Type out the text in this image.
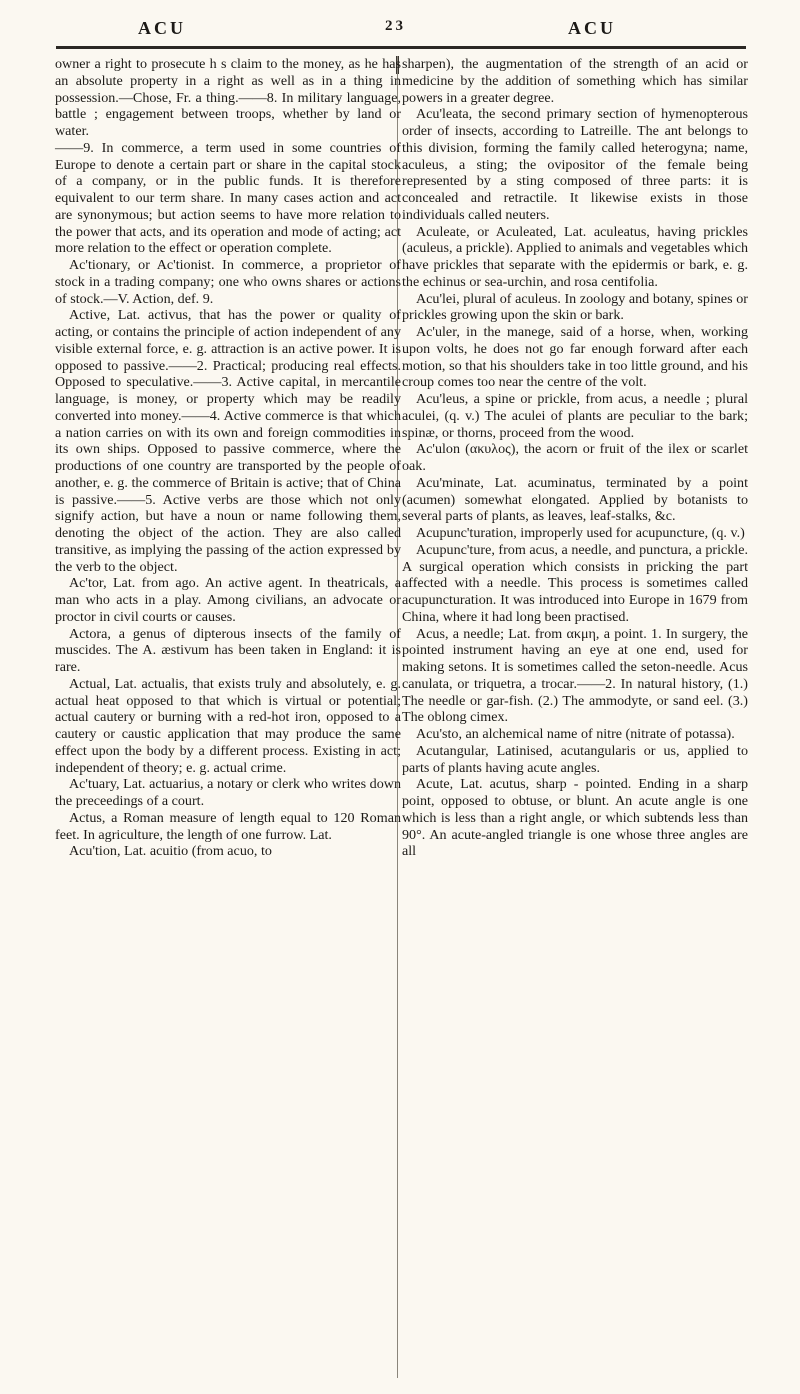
ACU	23	ACU

owner a right to prosecute h s claim to the money, as he has an absolute property in a right as well as in a thing in possession.—Chose, Fr. a thing.——8. In military language, battle ; engagement between troops, whether by land or water.

——9. In commerce, a term used in some countries of Europe to denote a certain part or share in the capital stock of a company, or in the public funds. It is therefore equivalent to our term share. In many cases action and act are synonymous; but action seems to have more relation to the power that acts, and its operation and mode of acting; act more relation to the effect or operation complete.

Ac'tionary, or Ac'tionist. In commerce, a proprietor of stock in a trading company; one who owns shares or actions of stock.—V. Action, def. 9.

Active, Lat. activus, that has the power or quality of acting, or contains the principle of action independent of any visible external force, e. g. attraction is an active power. It is opposed to passive.——2. Practical; producing real effects. Opposed to speculative.——3. Active capital, in mercantile language, is money, or property which may be readily converted into money.——4. Active commerce is that which a nation carries on with its own and foreign commodities in its own ships. Opposed to passive commerce, where the productions of one country are transported by the people of another, e. g. the commerce of Britain is active; that of China is passive.——5. Active verbs are those which not only signify action, but have a noun or name following them, denoting the object of the action. They are also called transitive, as implying the passing of the action expressed by the verb to the object.

Ac'tor, Lat. from ago. An active agent. In theatricals, a man who acts in a play. Among civilians, an advocate or proctor in civil courts or causes.

Actora, a genus of dipterous insects of the family of muscides. The A. æstivum has been taken in England: it is rare.

Actual, Lat. actualis, that exists truly and absolutely, e. g. actual heat opposed to that which is virtual or potential; actual cautery or burning with a red-hot iron, opposed to a cautery or caustic application that may produce the same effect upon the body by a different process. Existing in act; independent of theory; e. g. actual crime.

Ac'tuary, Lat. actuarius, a notary or clerk who writes down the preceedings of a court.

Actus, a Roman measure of length equal to 120 Roman feet. In agriculture, the length of one furrow. Lat.

Acu'tion, Lat. acuitio (from acuo, to

sharpen), the augmentation of the strength of an acid or medicine by the addition of something which has similar powers in a greater degree.

Acu'leata, the second primary section of hymenopterous order of insects, according to Latreille. The ant belongs to this division, forming the family called heterogyna; name, aculeus, a sting; the ovipositor of the female being represented by a sting composed of three parts: it is concealed and retractile. It likewise exists in those individuals called neuters.

Aculeate, or Aculeated, Lat. aculeatus, having prickles (aculeus, a prickle). Applied to animals and vegetables which have prickles that separate with the epidermis or bark, e. g. the echinus or sea-urchin, and rosa centifolia.

Acu'lei, plural of aculeus. In zoology and botany, spines or prickles growing upon the skin or bark.

Ac'uler, in the manege, said of a horse, when, working upon volts, he does not go far enough forward after each motion, so that his shoulders take in too little ground, and his croup comes too near the centre of the volt.

Acu'leus, a spine or prickle, from acus, a needle ; plural aculei, (q. v.) The aculei of plants are peculiar to the bark; spinæ, or thorns, proceed from the wood.

Ac'ulon (ακυλος), the acorn or fruit of the ilex or scarlet oak.

Acu'minate, Lat. acuminatus, terminated by a point (acumen) somewhat elongated. Applied by botanists to several parts of plants, as leaves, leaf-stalks, &c.

Acupunc'turation, improperly used for acupuncture, (q. v.)

Acupunc'ture, from acus, a needle, and punctura, a prickle. A surgical operation which consists in pricking the part affected with a needle. This process is sometimes called acupuncturation. It was introduced into Europe in 1679 from China, where it had long been practised.

Acus, a needle; Lat. from ακμη, a point. 1. In surgery, the pointed instrument having an eye at one end, used for making setons. It is sometimes called the seton-needle. Acus canulata, or triquetra, a trocar.——2. In natural history, (1.) The needle or gar-fish. (2.) The ammodyte, or sand eel. (3.) The oblong cimex.

Acu'sto, an alchemical name of nitre (nitrate of potassa).

Acutangular, Latinised, acutangularis or us, applied to parts of plants having acute angles.

Acute, Lat. acutus, sharp - pointed. Ending in a sharp point, opposed to obtuse, or blunt. An acute angle is one which is less than a right angle, or which subtends less than 90°. An acute-angled triangle is one whose three angles are all
